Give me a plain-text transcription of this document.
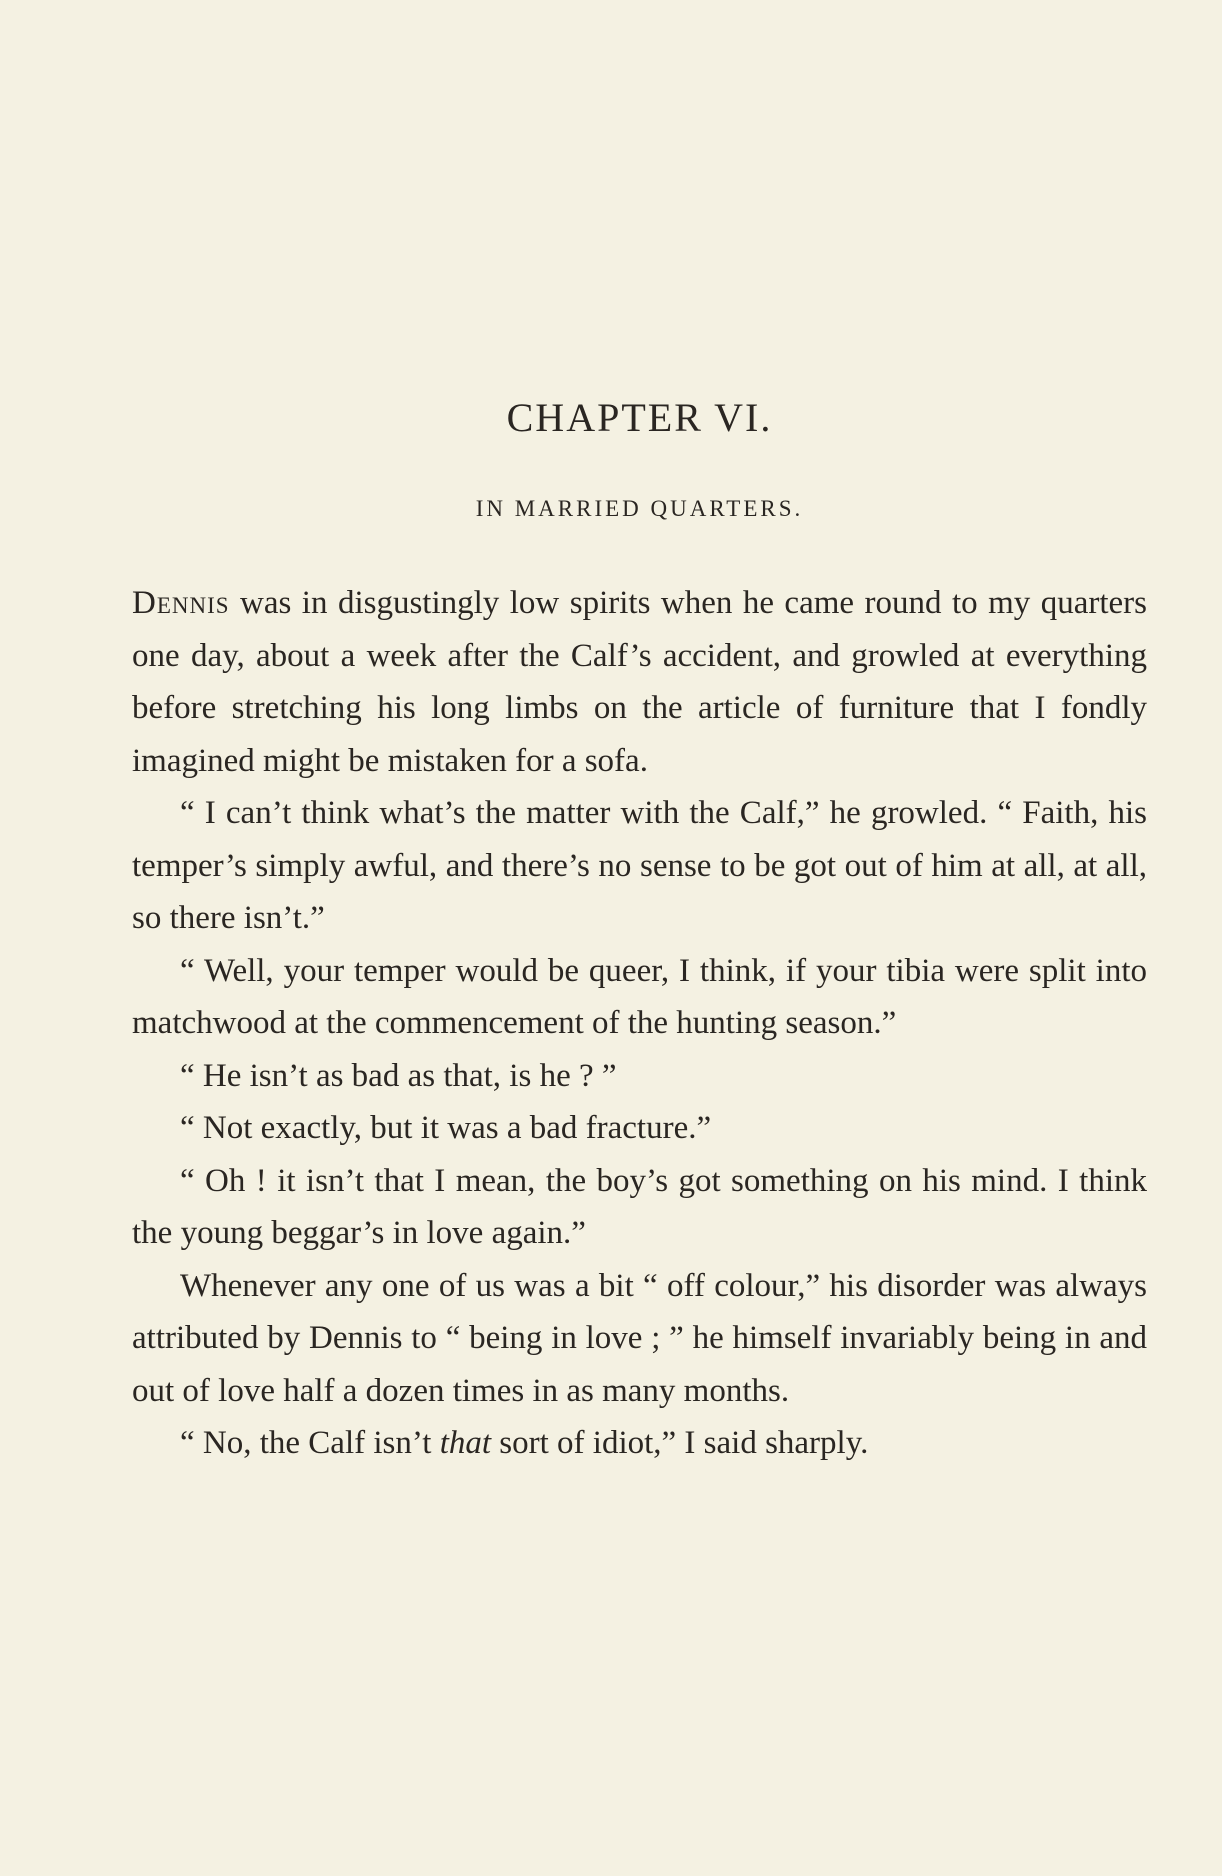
CHAPTER VI.
IN MARRIED QUARTERS.

Dennis was in disgustingly low spirits when he came round to my quarters one day, about a week after the Calf’s accident, and growled at everything before stretching his long limbs on the article of furniture that I fondly imagined might be mistaken for a sofa.

“ I can’t think what’s the matter with the Calf,” he growled. “ Faith, his temper’s simply awful, and there’s no sense to be got out of him at all, at all, so there isn’t.”

“ Well, your temper would be queer, I think, if your tibia were split into matchwood at the commencement of the hunting season.”

“ He isn’t as bad as that, is he ? ”

“ Not exactly, but it was a bad fracture.”

“ Oh ! it isn’t that I mean, the boy’s got something on his mind. I think the young beggar’s in love again.”

Whenever any one of us was a bit “ off colour,” his disorder was always attributed by Dennis to “ being in love ; ” he himself invariably being in and out of love half a dozen times in as many months.

“ No, the Calf isn’t that sort of idiot,” I said sharply.
